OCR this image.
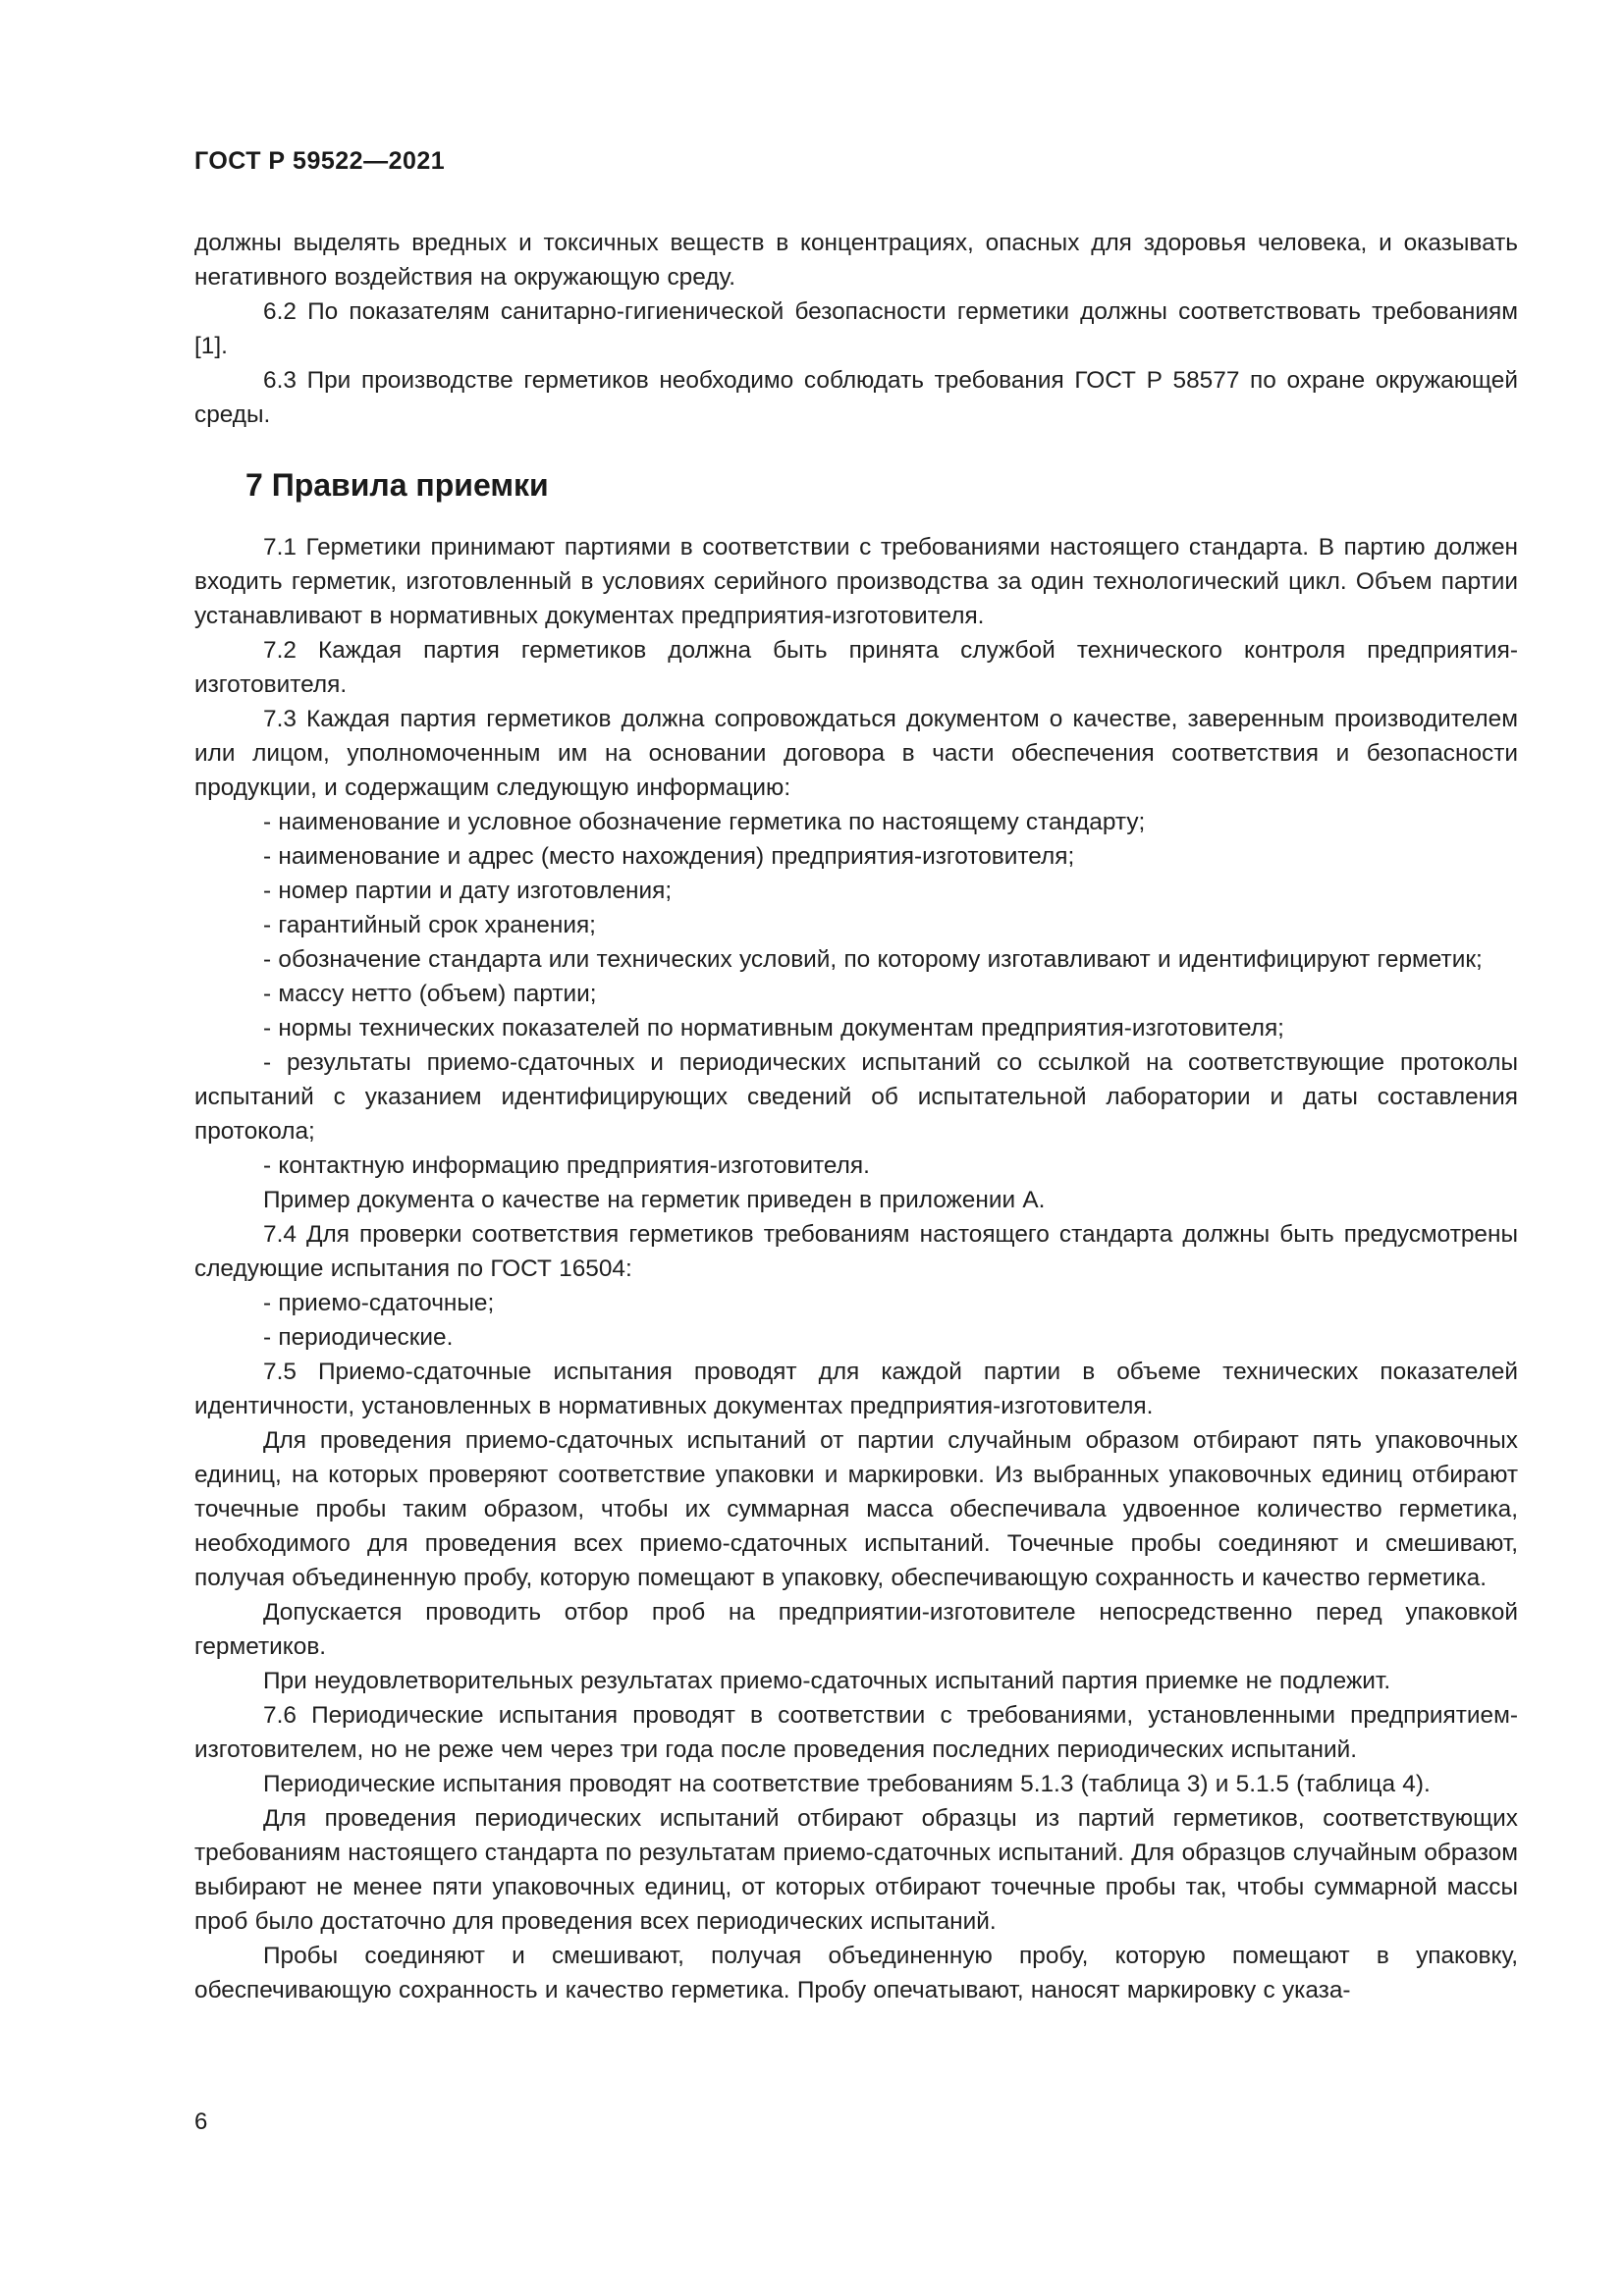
ГОСТ Р 59522—2021

должны выделять вредных и токсичных веществ в концентрациях, опасных для здоровья человека, и оказывать негативного воздействия на окружающую среду.

6.2 По показателям санитарно-гигиенической безопасности герметики должны соответствовать требованиям [1].

6.3 При производстве герметиков необходимо соблюдать требования ГОСТ Р 58577 по охране окружающей среды.

7 Правила приемки

7.1 Герметики принимают партиями в соответствии с требованиями настоящего стандарта. В партию должен входить герметик, изготовленный в условиях серийного производства за один технологический цикл. Объем партии устанавливают в нормативных документах предприятия-изготовителя.

7.2 Каждая партия герметиков должна быть принята службой технического контроля предприятия-изготовителя.

7.3 Каждая партия герметиков должна сопровождаться документом о качестве, заверенным производителем или лицом, уполномоченным им на основании договора в части обеспечения соответствия и безопасности продукции, и содержащим следующую информацию:

- наименование и условное обозначение герметика по настоящему стандарту;

- наименование и адрес (место нахождения) предприятия-изготовителя;

- номер партии и дату изготовления;

- гарантийный срок хранения;

- обозначение стандарта или технических условий, по которому изготавливают и идентифицируют герметик;

- массу нетто (объем) партии;

- нормы технических показателей по нормативным документам предприятия-изготовителя;

- результаты приемо-сдаточных и периодических испытаний со ссылкой на соответствующие протоколы испытаний с указанием идентифицирующих сведений об испытательной лаборатории и даты составления протокола;

- контактную информацию предприятия-изготовителя.

Пример документа о качестве на герметик приведен в приложении А.

7.4 Для проверки соответствия герметиков требованиям настоящего стандарта должны быть предусмотрены следующие испытания по ГОСТ 16504:

- приемо-сдаточные;

- периодические.

7.5 Приемо-сдаточные испытания проводят для каждой партии в объеме технических показателей идентичности, установленных в нормативных документах предприятия-изготовителя.

Для проведения приемо-сдаточных испытаний от партии случайным образом отбирают пять упаковочных единиц, на которых проверяют соответствие упаковки и маркировки. Из выбранных упаковочных единиц отбирают точечные пробы таким образом, чтобы их суммарная масса обеспечивала удвоенное количество герметика, необходимого для проведения всех приемо-сдаточных испытаний. Точечные пробы соединяют и смешивают, получая объединенную пробу, которую помещают в упаковку, обеспечивающую сохранность и качество герметика.

Допускается проводить отбор проб на предприятии-изготовителе непосредственно перед упаковкой герметиков.

При неудовлетворительных результатах приемо-сдаточных испытаний партия приемке не подлежит.

7.6 Периодические испытания проводят в соответствии с требованиями, установленными предприятием-изготовителем, но не реже чем через три года после проведения последних периодических испытаний.

Периодические испытания проводят на соответствие требованиям 5.1.3 (таблица 3) и 5.1.5 (таблица 4).

Для проведения периодических испытаний отбирают образцы из партий герметиков, соответствующих требованиям настоящего стандарта по результатам приемо-сдаточных испытаний. Для образцов случайным образом выбирают не менее пяти упаковочных единиц, от которых отбирают точечные пробы так, чтобы суммарной массы проб было достаточно для проведения всех периодических испытаний.

Пробы соединяют и смешивают, получая объединенную пробу, которую помещают в упаковку, обеспечивающую сохранность и качество герметика. Пробу опечатывают, наносят маркировку с указа-

6
